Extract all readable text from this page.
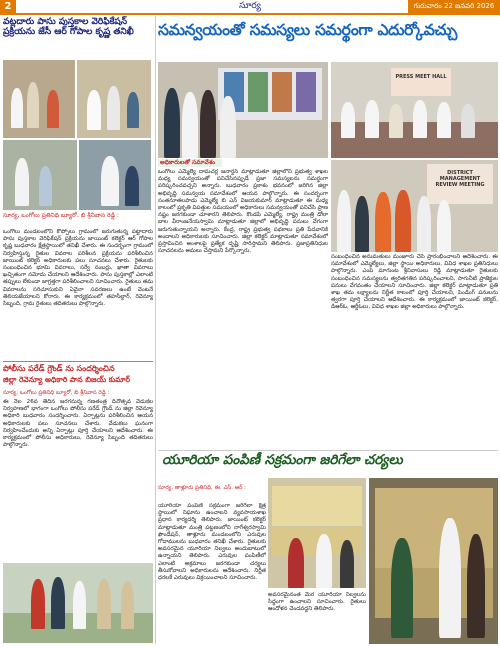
2	సూర్య	గురువారం 22 జనవరి 2026
వట్లదారు పాసు పుస్తకాల వెరిఫికేషన్ ప్రక్రియను జేసీ ఆర్ గోపాల కృష్ణ తనిఖీ
సూర్య, ఒంగోలు ప్రతినిధి బ్యూరో, బి శ్రీనివాస రెడ్డి :
ఒంగోలు మండలంలోని కొప్పోలు గ్రామంలో జరుగుతున్న పట్టాదారు పాసు పుస్తకాల వెరిఫికేషన్ ప్రక్రియను జాయింట్ కలెక్టర్ ఆర్ గోపాల కృష్ణ బుధవారం క్షేత్రస్థాయిలో తనిఖీ చేశారు. ఈ సందర్భంగా గ్రామంలో నిర్వహిస్తున్న రైతుల వివరాల పరిశీలన ప్రక్రియను పరిశీలించిన జాయింట్ కలెక్టర్ అధికారులకు పలు సూచనలు చేశారు. రైతులకు సంబంధించిన భూమి వివరాలు, సర్వే నంబర్లు, ఖాతా వివరాలు ఖచ్చితంగా నమోదు చేయాలని ఆదేశించారు. పాసు పుస్తకాల్లో ఎలాంటి తప్పులు లేకుండా జాగ్రత్తగా పరిశీలించాలని సూచించారు. రైతులు తమ వివరాలను సరిచూసుకుని ఏవైనా సవరణలు ఉంటే వెంటనే తెలియజేయాలని కోరారు. ఈ కార్యక్రమంలో తహసీల్దార్, రెవెన్యూ సిబ్బంది, గ్రామ రైతులు తదితరులు పాల్గొన్నారు.
పోలీసు పరేడ్ గ్రౌండ్ ను సందర్శించిన
జిల్లా రెవెన్యూ అధికారి పాన బిజయ్ కుమార్
సూర్య, ఒంగోలు ప్రతినిధి బ్యూరో, బి శ్రీనివాస రెడ్డి :
ఈ నెల 26వ తేదీన జరగనున్న గణతంత్ర దినోత్సవ వేడుకల నిర్వహణలో భాగంగా ఒంగోలు పోలీసు పరేడ్ గ్రౌండ్ ను జిల్లా రెవెన్యూ అధికారి బుధవారం సందర్శించారు. ఏర్పాట్లను పరిశీలించిన ఆయన అధికారులకు పలు సూచనలు చేశారు. వేడుకలు ఘనంగా నిర్వహించేందుకు అన్ని ఏర్పాట్లు పూర్తి చేయాలని ఆదేశించారు. ఈ కార్యక్రమంలో పోలీసు అధికారులు, రెవెన్యూ సిబ్బంది తదితరులు పాల్గొన్నారు.
సమన్వయంతో సమస్యలు సమర్థంగా ఎదుర్కోవచ్చు
PRESS MEET HALL
అధికారులతో సమావేశం
ఒంగోలు ఎమ్మెల్యే దామచర్ల జనార్దన్ మాట్లాడుతూ జిల్లాలోని ప్రభుత్వ శాఖల మధ్య సమన్వయంతో పనిచేసినప్పుడే ప్రజా సమస్యలను సమర్థంగా పరిష్కరించవచ్చని అన్నారు. బుధవారం ప్రకాశం భవనంలో జరిగిన జిల్లా అభివృద్ధి సమన్వయ సమావేశంలో ఆయన పాల్గొన్నారు. ఈ సందర్భంగా సంతనూతలపాడు ఎమ్మెల్యే బి ఎన్ విజయకుమార్ మాట్లాడుతూ ఈ మధ్య కాలంలో ప్రకృతి విపత్తుల సమయంలో అధికారులు సమన్వయంతో పనిచేసి ప్రాణ నష్టం జరగకుండా చూశారని తెలిపారు. కొండపి ఎమ్మెల్యే, రాష్ట్ర మంత్రి డోలా బాల వీరాంజనేయస్వామి మాట్లాడుతూ జిల్లాలో అభివృద్ధి పనులు వేగంగా జరుగుతున్నాయని అన్నారు. కేంద్ర, రాష్ట్ర ప్రభుత్వ పథకాలు ప్రతి పేదవానికి అందాలని అధికారులకు సూచించారు. జిల్లా కలెక్టర్ మాట్లాడుతూ సమావేశంలో ప్రస్తావించిన అంశాలపై ప్రత్యేక దృష్టి సారిస్తామని తెలిపారు. ప్రజాప్రతినిధుల సూచనలను అమలు చేస్తామని పేర్కొన్నారు.
DISTRICT MANAGEMENT REVIEW MEETING
సంబంధించిన అనుమతులు మంజూరు చేసి ప్రారంభించాలని ఆదేశించారు. ఈ సమావేశంలో ఎమ్మెల్యేలు, జిల్లా స్థాయి అధికారులు, వివిధ శాఖల ప్రతినిధులు పాల్గొన్నారు. ఎంపి మాగుంట శ్రీనివాసులు రెడ్డి మాట్లాడుతూ రైతులకు సంబంధించిన సమస్యలను త్వరితగతిన పరిష్కరించాలని, సాగునీటి ప్రాజెక్టుల పనులు వేగవంతం చేయాలని సూచించారు. జిల్లా కలెక్టర్ మాట్లాడుతూ ప్రతి శాఖ తమ లక్ష్యాలను నిర్ణీత కాలంలో పూర్తి చేయాలని, పెండింగ్ పనులను త్వరగా పూర్తి చేయాలని ఆదేశించారు. ఈ కార్యక్రమంలో జాయింట్ కలెక్టర్, డిఆర్ఓ, ఆర్డీఓలు, వివిధ శాఖల జిల్లా అధికారులు పాల్గొన్నారు.
యూరియా పంపిణీ సక్రమంగా జరిగేలా చర్యలు
సూర్య, తాళ్లూరు ప్రతినిధి, ఈ. ఎస్. ఆర్ :
యూరియా పంపిణీ సక్రమంగా జరిగేలా క్షేత్ర స్థాయిలో నిఘాను ఉంచాలని వ్యవసాయశాఖ ప్రధాన కార్యదర్శి తెలిపారు. జాయింట్ కలెక్టర్ మాట్లాడుతూ మంత్రి పట్టణంలోని నాగేశ్వరస్వామి ఫౌండేషన్, తాళ్లూరు మండలంలోని ఎరువుల గోదాములను బుధవారం తనిఖీ చేశారు. రైతులకు అవసరమైన యూరియా నిల్వలు అందుబాటులో ఉన్నాయని తెలిపారు. ఎరువుల పంపిణీలో ఎలాంటి అక్రమాలు జరగకుండా చర్యలు తీసుకోవాలని అధికారులను ఆదేశించారు. నిర్ణీత ధరలకే ఎరువులు విక్రయించాలని సూచించారు.
అవసరమైనంత మేర యూరియా నిల్వలను సిద్ధంగా ఉంచాలని సూచించారు. రైతులు ఆందోళన చెందవద్దని తెలిపారు.
